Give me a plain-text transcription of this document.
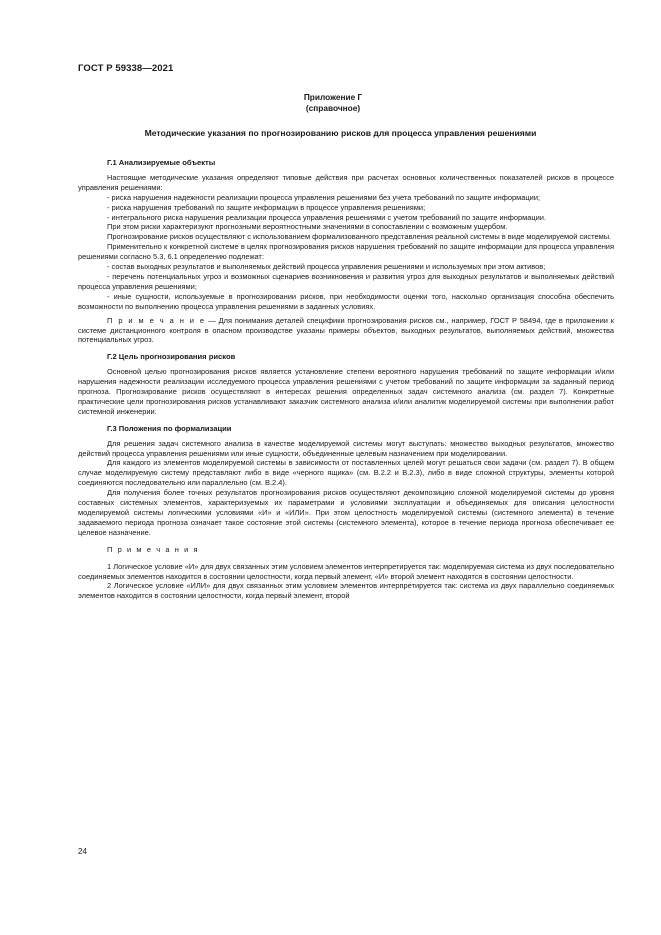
ГОСТ Р 59338—2021
Приложение Г
(справочное)
Методические указания по прогнозированию рисков для процесса управления решениями
Г.1 Анализируемые объекты

Настоящие методические указания определяют типовые действия при расчетах основных количественных показателей рисков в процессе управления решениями:

- риска нарушения надежности реализации процесса управления решениями без учета требований по защите информации;

- риска нарушения требований по защите информации в процессе управления решениями;

- интегрального риска нарушения реализации процесса управления решениями с учетом требований по защите информации.

При этом риски характеризуют прогнозными вероятностными значениями в сопоставлении с возможным ущербом.

Прогнозирование рисков осуществляют с использованием формализованного представления реальной системы в виде моделируемой системы.

Применительно к конкретной системе в целях прогнозирования рисков нарушения требований по защите информации для процесса управления решениями согласно 5.3, 6.1 определению подлежат:

- состав выходных результатов и выполняемых действий процесса управления решениями и используемых при этом активов;

- перечень потенциальных угроз и возможных сценариев возникновения и развития угроз для выходных результатов и выполняемых действий процесса управления решениями;

- иные сущности, используемые в прогнозировании рисков, при необходимости оценки того, насколько организация способна обеспечить возможности по выполнению процесса управления решениями в заданных условиях.

П р и м е ч а н и е — Для понимания деталей специфики прогнозирования рисков см., например, ГОСТ Р 58494, где в приложении к системе дистанционного контроля в опасном производстве указаны примеры объектов, выходных результатов, выполняемых действий, множества потенциальных угроз.

Г.2 Цель прогнозирования рисков

Основной целью прогнозирования рисков является установление степени вероятного нарушения требований по защите информации и/или нарушения надежности реализации исследуемого процесса управления решениями с учетом требований по защите информации за заданный период прогноза. Прогнозирование рисков осуществляют в интересах решения определенных задач системного анализа (см. раздел 7). Конкретные практические цели прогнозирования рисков устанавливают заказчик системного анализа и/или аналитик моделируемой системы при выполнении работ системной инженерии.

Г.3 Положения по формализации

Для решения задач системного анализа в качестве моделируемой системы могут выступать: множество выходных результатов, множество действий процесса управления решениями или иные сущности, объединенные целевым назначением при моделировании.

Для каждого из элементов моделируемой системы в зависимости от поставленных целей могут решаться свои задачи (см. раздел 7). В общем случае моделируемую систему представляют либо в виде «черного ящика» (см. В.2.2 и В.2.3), либо в виде сложной структуры, элементы которой соединяются последовательно или параллельно (см. В.2.4).

Для получения более точных результатов прогнозирования рисков осуществляют декомпозицию сложной моделируемой системы до уровня составных системных элементов, характеризуемых их параметрами и условиями эксплуатации и объединяемых для описания целостности моделируемой системы логическими условиями «И» и «ИЛИ». При этом целостность моделируемой системы (системного элемента) в течение задаваемого периода прогноза означает такое состояние этой системы (системного элемента), которое в течение периода прогноза обеспечивает ее целевое назначение.

П р и м е ч а н и я

1 Логическое условие «И» для двух связанных этим условием элементов интерпретируется так: моделируемая система из двух последовательно соединяемых элементов находится в состоянии целостности, когда первый элемент, «И» второй элемент находятся в состоянии целостности.

2 Логическое условие «ИЛИ» для двух связанных этим условием элементов интерпретируется так: система из двух параллельно соединяемых элементов находится в состоянии целостности, когда первый элемент, второй

24
